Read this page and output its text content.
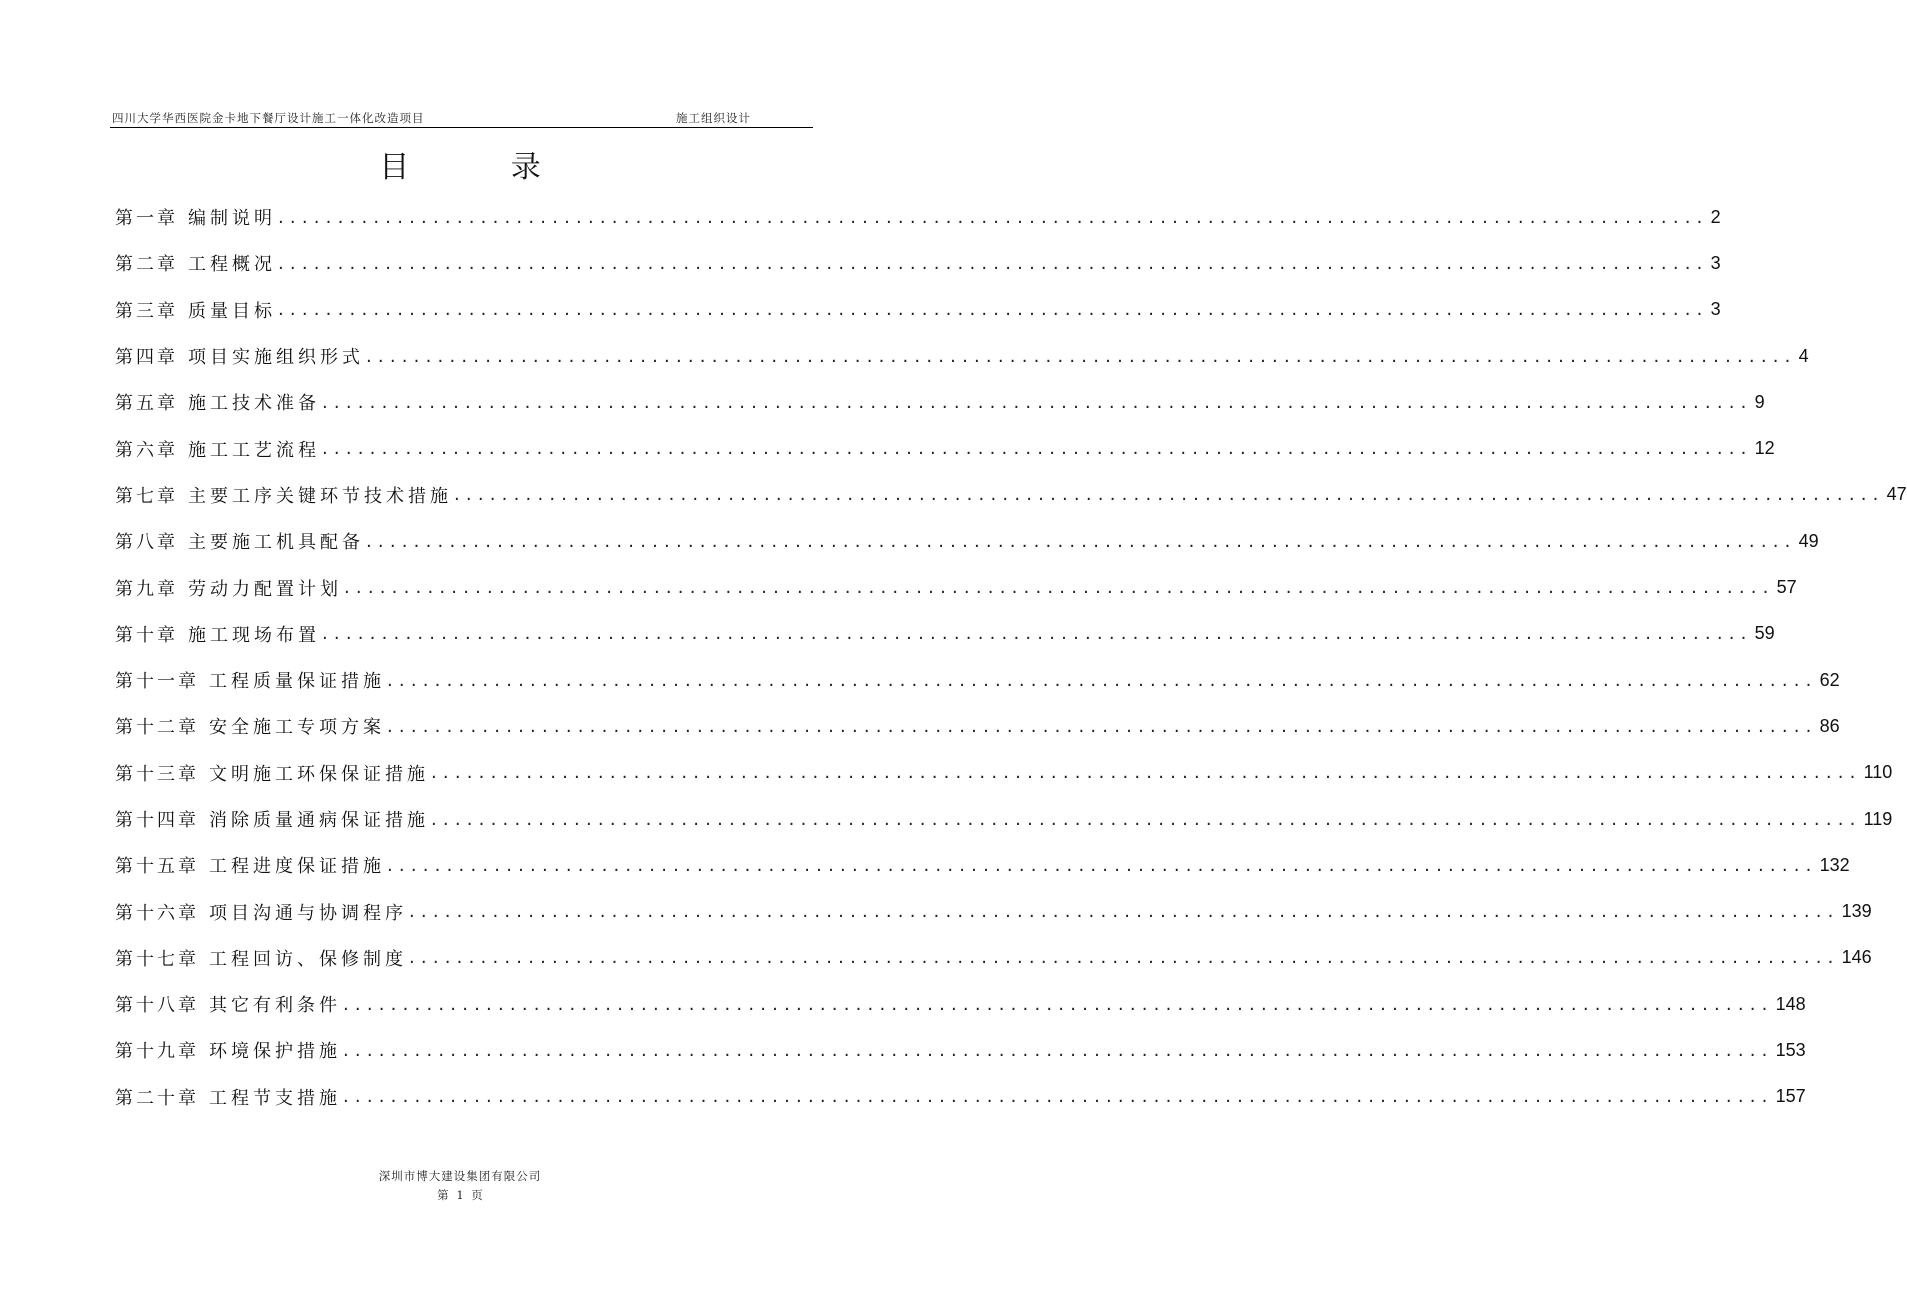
四川大学华西医院金卡地下餐厅设计施工一体化改造项目	施工组织设计
目 录
第一章 编制说明 ........................................................................................................................ 2
第二章 工程概况 ........................................................................................................................ 3
第三章 质量目标 ........................................................................................................................ 3
第四章 项目实施组织形式 ........................................................................................................................ 4
第五章 施工技术准备 ........................................................................................................................ 9
第六章 施工工艺流程 ........................................................................................................................ 12
第七章 主要工序关键环节技术措施 ........................................................................................................................ 47
第八章 主要施工机具配备 ........................................................................................................................ 49
第九章 劳动力配置计划 ........................................................................................................................ 57
第十章 施工现场布置 ........................................................................................................................ 59
第十一章 工程质量保证措施 ........................................................................................................................ 62
第十二章 安全施工专项方案 ........................................................................................................................ 86
第十三章 文明施工环保保证措施 ........................................................................................................................ 110
第十四章 消除质量通病保证措施 ........................................................................................................................ 119
第十五章 工程进度保证措施 ........................................................................................................................ 132
第十六章 项目沟通与协调程序 ........................................................................................................................ 139
第十七章 工程回访、保修制度 ........................................................................................................................ 146
第十八章 其它有利条件 ........................................................................................................................ 148
第十九章 环境保护措施 ........................................................................................................................ 153
第二十章 工程节支措施 ........................................................................................................................ 157
深圳市博大建设集团有限公司
第 1 页
